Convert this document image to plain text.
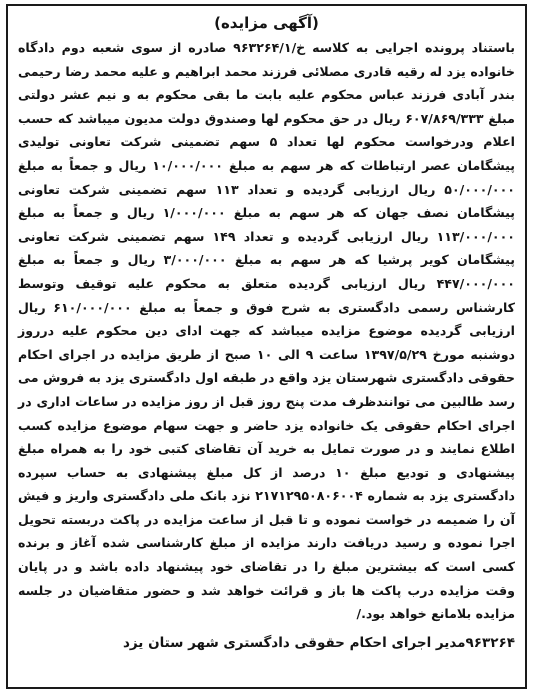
(آگهی مزایده)

باستناد پرونده اجرایی به کلاسه خ/۹۶۳۲۶۴/۱ صادره از سوی شعبه دوم دادگاه خانواده یزد له رقیه قادری مصلائی فرزند محمد ابراهیم و علیه محمد رضا رحیمی بندر آبادی فرزند عباس محکوم علیه بابت ما بقی محکوم به و نیم عشر دولتی مبلغ ۶۰۷/۸۶۹/۳۳۳ ریال در حق محکوم لها وصندوق دولت مدیون میباشد که حسب اعلام ودرخواست محکوم لها تعداد ۵ سهم تضمینی شرکت تعاونی تولیدی پیشگامان عصر ارتباطات که هر سهم به مبلغ ۱۰/۰۰۰/۰۰۰ ریال و جمعاً به مبلغ ۵۰/۰۰۰/۰۰۰ ریال ارزیابی گردیده و تعداد ۱۱۳ سهم تضمینی شرکت تعاونی پیشگامان نصف جهان که هر سهم به مبلغ ۱/۰۰۰/۰۰۰ ریال و جمعاً به مبلغ ۱۱۳/۰۰۰/۰۰۰ ریال ارزیابی گردیده و تعداد ۱۴۹ سهم تضمینی شرکت تعاونی پیشگامان کویر پرشیا که هر سهم به مبلغ ۳/۰۰۰/۰۰۰ ریال و جمعاً به مبلغ ۴۴۷/۰۰۰/۰۰۰ ریال ارزیابی گردیده متعلق به محکوم علیه توقیف وتوسط کارشناس رسمی دادگستری به شرح فوق و جمعاً به مبلغ ۶۱۰/۰۰۰/۰۰۰ ریال ارزیابی گردیده موضوع مزایده میباشد که جهت ادای دین محکوم علیه درروز دوشنبه مورخ ۱۳۹۷/۵/۲۹ ساعت ۹ الی ۱۰ صبح از طریق مزایده در اجرای احکام حقوقی دادگستری شهرستان یزد واقع در طبقه اول دادگستری یزد به فروش می رسد طالبین می توانندظرف مدت پنج روز قبل از روز مزایده در ساعات اداری در اجرای احکام حقوقی یک خانواده یزد حاضر و جهت سهام موضوع مزایده کسب اطلاع نمایند و در صورت تمایل به خرید آن تقاضای کتبی خود را به همراه مبلغ پیشنهادی و تودیع مبلغ ۱۰ درصد از کل مبلغ پیشنهادی به حساب سپرده دادگستری یزد به شماره ۲۱۷۱۲۹۵۰۸۰۶۰۰۴ نزد بانک ملی دادگستری واریز و فیش آن را ضمیمه در خواست نموده و تا قبل از ساعت مزایده در پاکت دربسته تحویل اجرا نموده و رسید دریافت دارند مزایده از مبلغ کارشناسی شده آغاز و برنده کسی است که بیشترین مبلغ را در تقاضای خود پیشنهاد داده باشد و در پایان وقت مزایده درب پاکت ها باز و قرائت خواهد شد و حضور متقاضیان در جلسه مزایده بلامانع خواهد بود./

۹۶۳۲۶۴مدیر اجرای احکام حقوقی دادگستری شهر ستان یزد
